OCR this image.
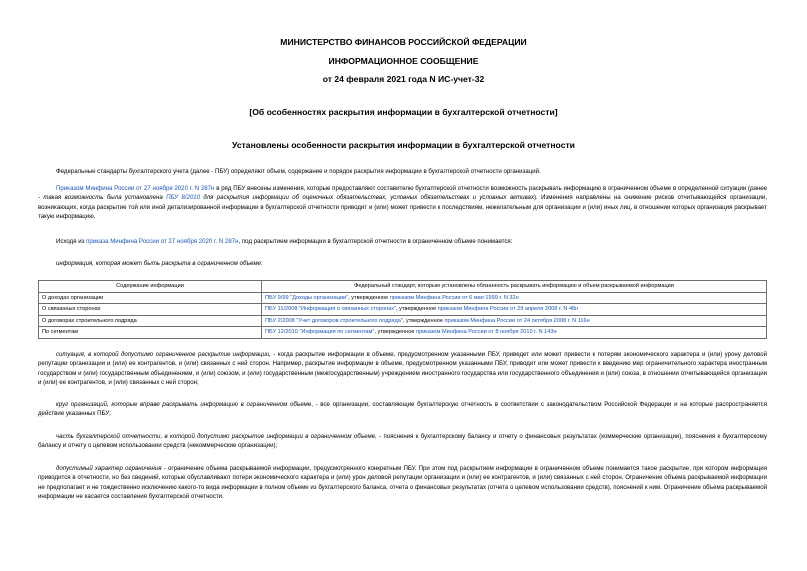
МИНИСТЕРСТВО ФИНАНСОВ РОССИЙСКОЙ ФЕДЕРАЦИИ
ИНФОРМАЦИОННОЕ СООБЩЕНИЕ
от 24 февраля 2021 года N ИС-учет-32
[Об особенностях раскрытия информации в бухгалтерской отчетности]
Установлены особенности раскрытия информации в бухгалтерской отчетности
Федеральные стандарты бухгалтерского учета (далее - ПБУ) определяют объем, содержание и порядок раскрытия информации в бухгалтерской отчетности организаций.
Приказом Минфина России от 27 ноября 2020 г. N 287н в ряд ПБУ внесены изменения, которые предоставляют составителю бухгалтерской отчетности возможность раскрывать информацию в ограниченном объеме в определенной ситуации (ранее - такая возможность была установлена ПБУ 8/2010 для раскрытия информации об оценочных обязательствах, условных обязательствах и условных активах). Изменения направлены на снижение рисков отчитывающейся организации, возникающих, когда раскрытие той или иной детализированной информации в бухгалтерской отчетности приводит и (или) может привести к последствиям, нежелательным для организации и (или) иных лиц, в отношении которых организация раскрывает такую информацию.
Исходя из приказа Минфина России от 27 ноября 2020 г. N 287н, под раскрытием информации в бухгалтерской отчетности в ограниченном объеме понимается:
информация, которая может быть раскрыта в ограниченном объеме:
Содержание информации	Федеральный стандарт, которым установлены обязанность раскрывать информацию и объем раскрываемой информации
О доходах организации	ПБУ 9/99 "Доходы организации", утвержденное приказом Минфина России от 6 мая 1999 г. N 32н
О связанных сторонах	ПБУ 11/2008 "Информация о связанных сторонах", утвержденное приказом Минфина России от 29 апреля 2008 г. N 48н
О договорах строительного подряда	ПБУ 2/2008 "Учет договоров строительного подряда", утвержденное приказом Минфина России от 24 октября 2008 г. N 116н
По сегментам	ПБУ 12/2010 "Информация по сегментам", утвержденное приказом Минфина России от 8 ноября 2010 г. N 143н
ситуация, в которой допустимо ограниченное раскрытие информации, - когда раскрытие информации в объеме, предусмотренном указанными ПБУ, приведет или может привести к потерям экономического характера и (или) урону деловой репутации организации и (или) ее контрагентов, и (или) связанных с ней сторон. Например, раскрытие информации в объеме, предусмотренном указанными ПБУ, приводит или может привести к введению мер ограничительного характера иностранным государством и (или) государственным объединением, и (или) союзом, и (или) государственным (межгосударственным) учреждением иностранного государства или государственного объединения и (или) союза, в отношении отчитывающейся организации и (или) ее контрагентов, и (или) связанных с ней сторон;
круг организаций, которые вправе раскрывать информацию в ограниченном объеме, - все организации, составляющие бухгалтерскую отчетность в соответствии с законодательством Российской Федерации и на которые распространяется действие указанных ПБУ;
часть бухгалтерской отчетности, в которой допустимо раскрытие информации в ограниченном объеме, - пояснения к бухгалтерскому балансу и отчету о финансовых результатах (коммерческие организации), пояснения к бухгалтерскому балансу и отчету о целевом использовании средств (некоммерческие организации);
допустимый характер ограничения - ограничение объема раскрываемой информации, предусмотренного конкретным ПБУ. При этом под раскрытием информации в ограниченном объеме понимается такое раскрытие, при котором информация приводится в отчетности, но без сведений, которые обуславливают потери экономического характера и (или) урон деловой репутации организации и (или) ее контрагентов, и (или) связанных с ней сторон. Ограничение объема раскрываемой информации не предполагает и не тождественно исключению какого-то вида информации в полном объеме из бухгалтерского баланса, отчета о финансовых результатах (отчета о целевом использовании средств), пояснений к ним. Ограничение объема раскрываемой информации не касается составления бухгалтерской отчетности.
